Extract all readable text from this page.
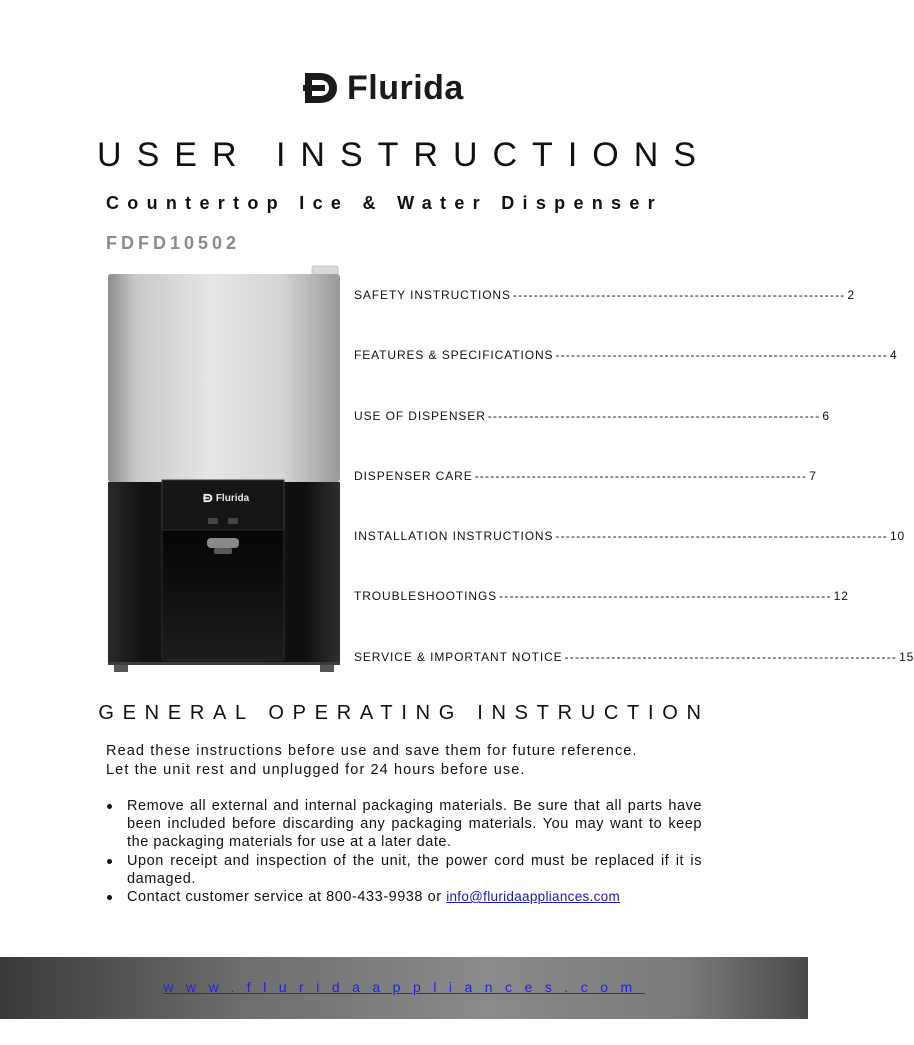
Flurida
USER INSTRUCTIONS
Countertop Ice & Water Dispenser
FDFD10502
Flurida
SAFETY INSTRUCTIONS ---------------------------------------------------------------- 2
FEATURES & SPECIFICATIONS ---------------------------------------------------------------- 4
USE OF DISPENSER ---------------------------------------------------------------- 6
DISPENSER CARE ---------------------------------------------------------------- 7
INSTALLATION INSTRUCTIONS ---------------------------------------------------------------- 10
TROUBLESHOOTINGS ---------------------------------------------------------------- 12
SERVICE & IMPORTANT NOTICE ---------------------------------------------------------------- 15
GENERAL OPERATING INSTRUCTION

Read these instructions before use and save them for future reference.

Let the unit rest and unplugged for 24 hours before use.

Remove all external and internal packaging materials. Be sure that all parts have been included before discarding any packaging materials. You may want to keep the packaging materials for use at a later date.
Upon receipt and inspection of the unit, the power cord must be replaced if it is damaged.
Contact customer service at 800-433-9938 or info@fluridaappliances.com
www.fluridaappliances.com
